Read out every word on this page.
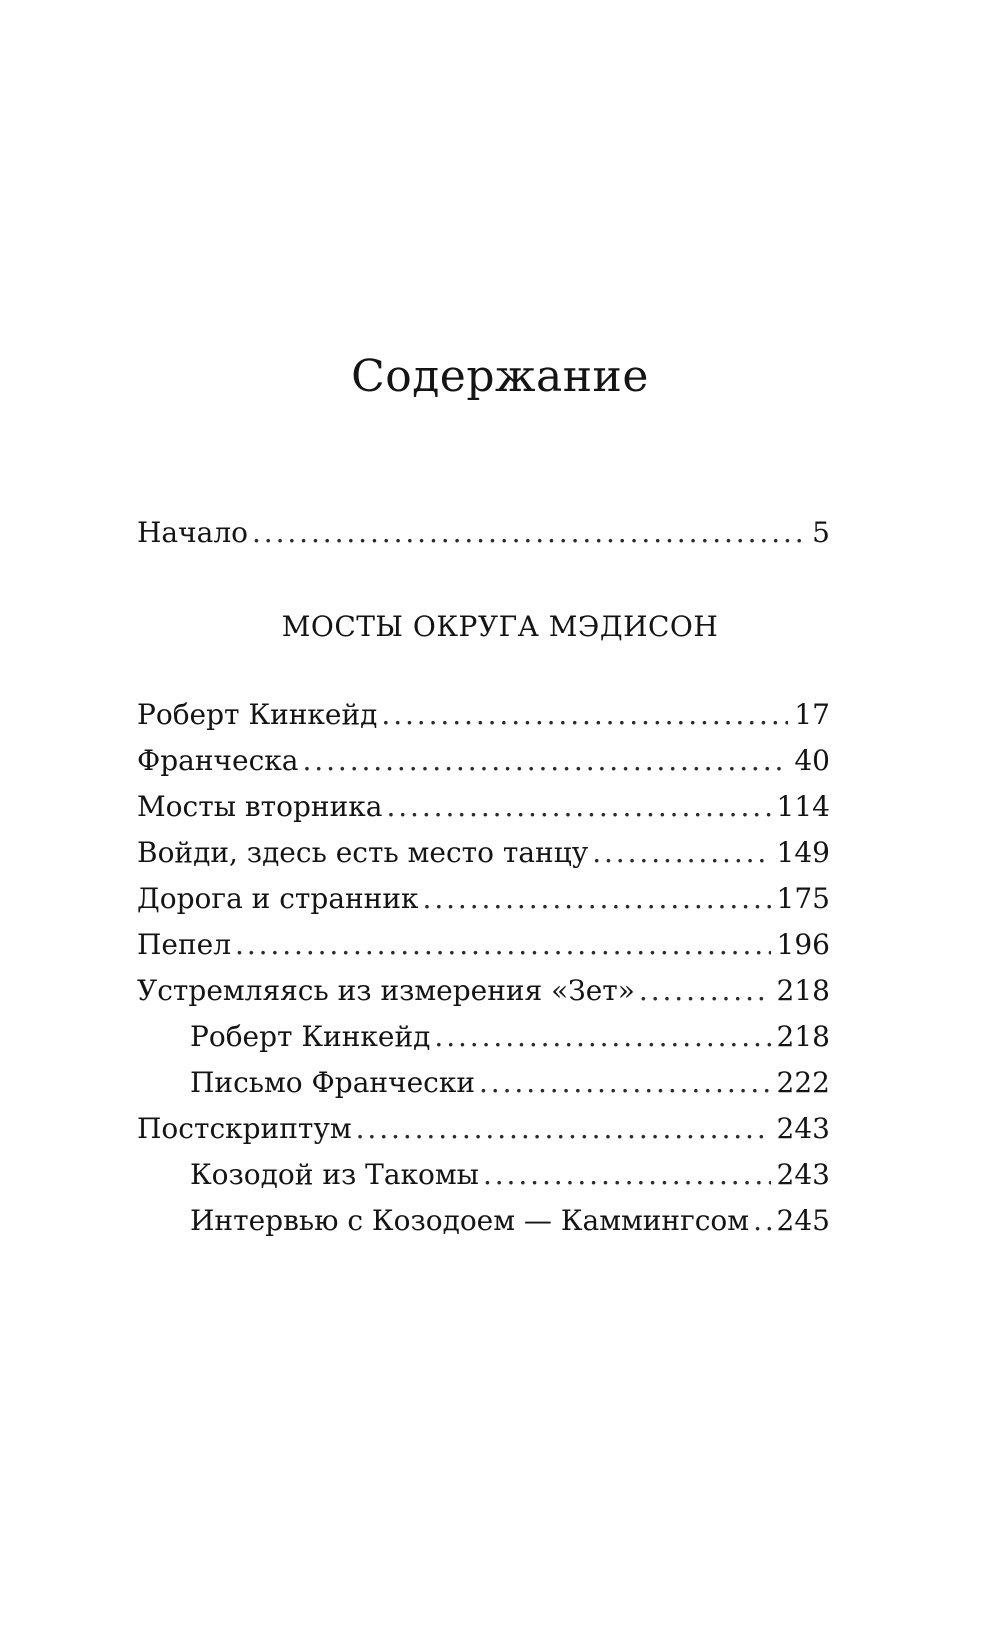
Содержание
Начало . . .	5
МОСТЫ ОКРУГА МЭДИСОН
Роберт Кинкейд . . .	17
Франческа . . .	40
Мосты вторника . . .	114
Войди, здесь есть место танцу . . .	149
Дорога и странник . . .	175
Пепел . . .	196
Устремляясь из измерения «Зет» . . .	218
Роберт Кинкейд . . .	218
Письмо Франчески . . .	222
Постскриптум . . .	243
Козодой из Такомы . . .	243
Интервью с Козодоем — Каммингсом . . . 245
